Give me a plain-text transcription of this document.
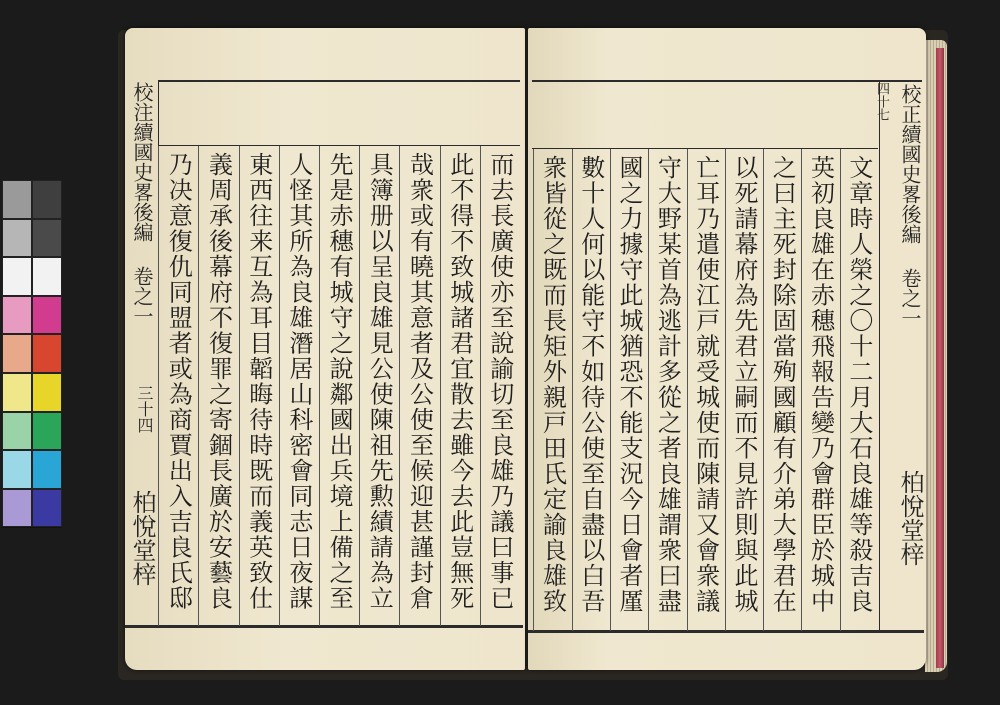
校注續國史畧後編 卷之一
三十四
柏悅堂梓
校正續國史畧後編 卷之一
四十七
柏悅堂梓
而去長廣使亦至說諭切至良雄乃議曰事已
此不得不致城諸君宜散去雖今去此豈無死
哉衆或有曉其意者及公使至候迎甚謹封倉
具簿册以呈良雄見公使陳祖先勲績請為立
先是赤穗有城守之說鄰國出兵境上備之至
人怪其所為良雄潛居山科密會同志日夜謀
東西往来互為耳目韜晦待時既而義英致仕
義周承後幕府不復罪之寄錮長廣於安藝良
乃决意復仇同盟者或為商賈出入吉良氏邸
文章時人榮之〇十二月大石良雄等殺吉良
英初良雄在赤穗飛報告變乃會群臣於城中
之曰主死封除固當殉國顧有介弟大學君在
以死請幕府為先君立嗣而不見許則與此城
亡耳乃遣使江戸就受城使而陳請又會衆議
守大野某首為逃計多從之者良雄謂衆曰盡
國之力據守此城猶恐不能支況今日會者厪
數十人何以能守不如待公使至自盡以白吾
衆皆從之既而長矩外親戸田氏定諭良雄致
